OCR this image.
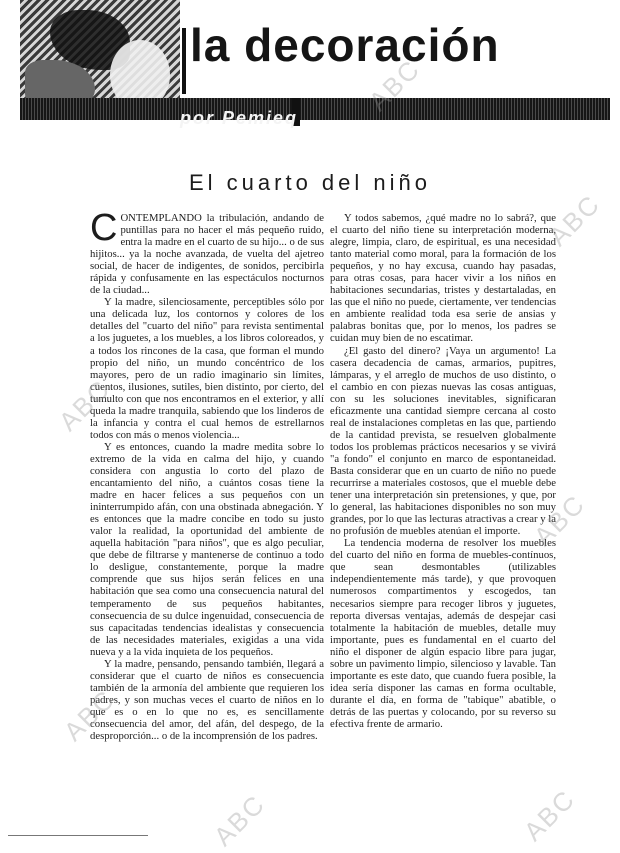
la decoración
por Pemieq
El cuarto del niño

CONTEMPLANDO la tribulación, andando de puntillas para no hacer el más pequeño ruido, entra la madre en el cuarto de su hijo... o de sus hijitos... ya la noche avanzada, de vuelta del ajetreo social, de hacer de indigentes, de sonidos, percibirla rápida y confusamente en las espectáculos nocturnos de la ciudad...

Y la madre, silenciosamente, perceptibles sólo por una delicada luz, los contornos y colores de los detalles del "cuarto del niño" para revista sentimental a los juguetes, a los muebles, a los libros coloreados, y a todos los rincones de la casa, que forman el mundo propio del niño, un mundo concéntrico de los mayores, pero de un radio imaginario sin límites, cuentos, ilusiones, sutiles, bien distinto, por cierto, del tumulto con que nos encontramos en el exterior, y allí queda la madre tranquila, sabiendo que los linderos de la infancia y contra el cual hemos de estrellarnos todos con más o menos violencia...

Y es entonces, cuando la madre medita sobre lo extremo de la vida en calma del hijo, y cuando considera con angustia lo corto del plazo de encantamiento del niño, a cuántos cosas tiene la madre en hacer felices a sus pequeños con un ininterrumpido afán, con una obstinada abnegación. Y es entonces que la madre concibe en todo su justo valor la realidad, la oportunidad del ambiente de aquella habitación "para niños", que es algo peculiar, que debe de filtrarse y mantenerse de continuo a todo lo desligue, constantemente, porque la madre comprende que sus hijos serán felices en una habitación que sea como una consecuencia natural del temperamento de sus pequeños habitantes, consecuencia de su dulce ingenuidad, consecuencia de sus capacitadas tendencias idealistas y consecuencia de las necesidades materiales, exigidas a una vida nueva y a la vida inquieta de los pequeños.

Y la madre, pensando, pensando también, llegará a considerar que el cuarto de niños es consecuencia también de la armonía del ambiente que requieren los padres, y son muchas veces el cuarto de niños en lo que es o en lo que no es, es sencillamente consecuencia del amor, del afán, del despego, de la desproporción... o de la incomprensión de los padres.

Y todos sabemos, ¿qué madre no lo sabrá?, que el cuarto del niño tiene su interpretación moderna, alegre, limpia, claro, de espiritual, es una necesidad tanto material como moral, para la formación de los pequeños, y no hay excusa, cuando hay pasadas, para otras cosas, para hacer vivir a los niños en habitaciones secundarias, tristes y destartaladas, en las que el niño no puede, ciertamente, ver tendencias en ambiente realidad toda esa serie de ansias y palabras bonitas que, por lo menos, los padres se cuidan muy bien de no escatimar.

¿El gasto del dinero? ¡Vaya un argumento! La casera decadencia de camas, armarios, pupitres, lámparas, y el arreglo de muchos de uso distinto, o el cambio en con piezas nuevas las cosas antiguas, con su les soluciones inevitables, significaran eficazmente una cantidad siempre cercana al costo real de instalaciones completas en las que, partiendo de la cantidad prevista, se resuelven globalmente todos los problemas prácticos necesarios y se vivirá "a fondo" el conjunto en marco de espontaneidad. Basta considerar que en un cuarto de niño no puede recurrirse a materiales costosos, que el mueble debe tener una interpretación sin pretensiones, y que, por lo general, las habitaciones disponibles no son muy grandes, por lo que las lecturas atractivas a crear y la no profusión de muebles atenúan el importe.

La tendencia moderna de resolver los muebles del cuarto del niño en forma de muebles-contínuos, que sean desmontables (utilizables independientemente más tarde), y que provoquen numerosos compartimentos y escogedos, tan necesarios siempre para recoger libros y juguetes, reporta diversas ventajas, además de despejar casi totalmente la habitación de muebles, detalle muy importante, pues es fundamental en el cuarto del niño el disponer de algún espacio libre para jugar, sobre un pavimento limpio, silencioso y lavable. Tan importante es este dato, que cuando fuera posible, la idea sería disponer las camas en forma ocultable, durante el día, en forma de "tabique" abatible, o detrás de las puertas y colocando, por su reverso su efectiva frente de armario.

ABC
ABC
ABC
ABC
ABC
ABC
ABC
